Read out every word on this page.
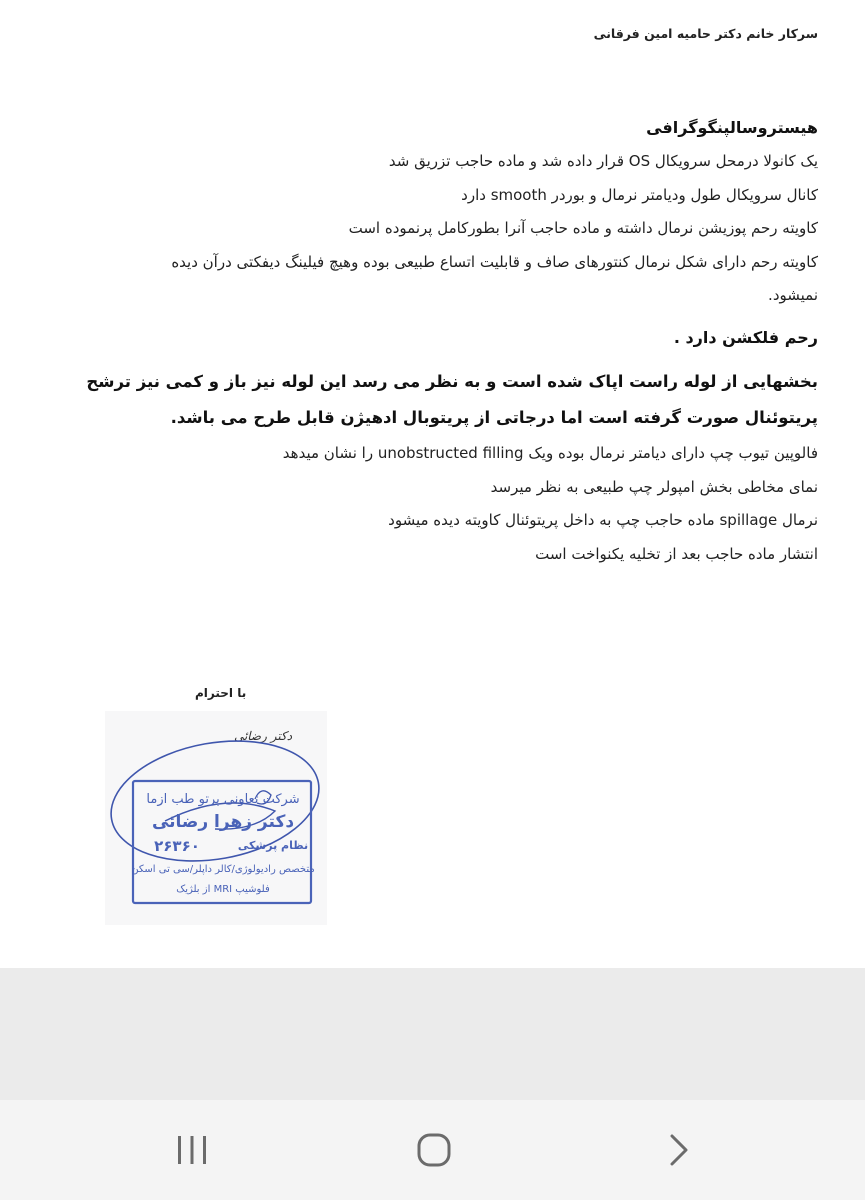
سرکار خانم دکتر حامیه امین فرقانی
هیستروسالپنگوگرافی
یک کانولا درمحل سرویکال OS قرار داده شد و ماده حاجب تزریق شد
کانال سرویکال طول ودیامتر نرمال و بوردر smooth دارد
کاویته رحم پوزیشن نرمال داشته و ماده حاجب آنرا بطورکامل پرنموده است
کاویته رحم دارای شکل نرمال کنتورهای صاف و قابلیت اتساع طبیعی بوده وهیچ فیلینگ دیفکتی درآن دیده
نمیشود.
رحم فلکشن دارد .
بخشهایی از لوله راست اپاک شده است و به نظر می رسد این لوله نیز باز و کمی نیز ترشح
پریتوئنال صورت گرفته است اما درجاتی از پریتوبال ادهیژن قابل طرح می باشد.
فالوپین تیوب چپ دارای دیامتر نرمال بوده ویک unobstructed filling را نشان میدهد
نمای مخاطی بخش امپولر چپ طبیعی به نظر میرسد
نرمال spillage ماده حاجب چپ به داخل پریتوئنال کاویته دیده میشود
انتشار ماده حاجب بعد از تخلیه یکنواخت است
با احترام
دکتر رضائی
شرکت تعاونی پرتو طب ازما
دکتر زهرا رضائی
نظام پزشکی
۲۶۳۶۰
متخصص رادیولوژی/کالر داپلر/سی تی اسکن
فلوشیپ MRI از بلژیک
